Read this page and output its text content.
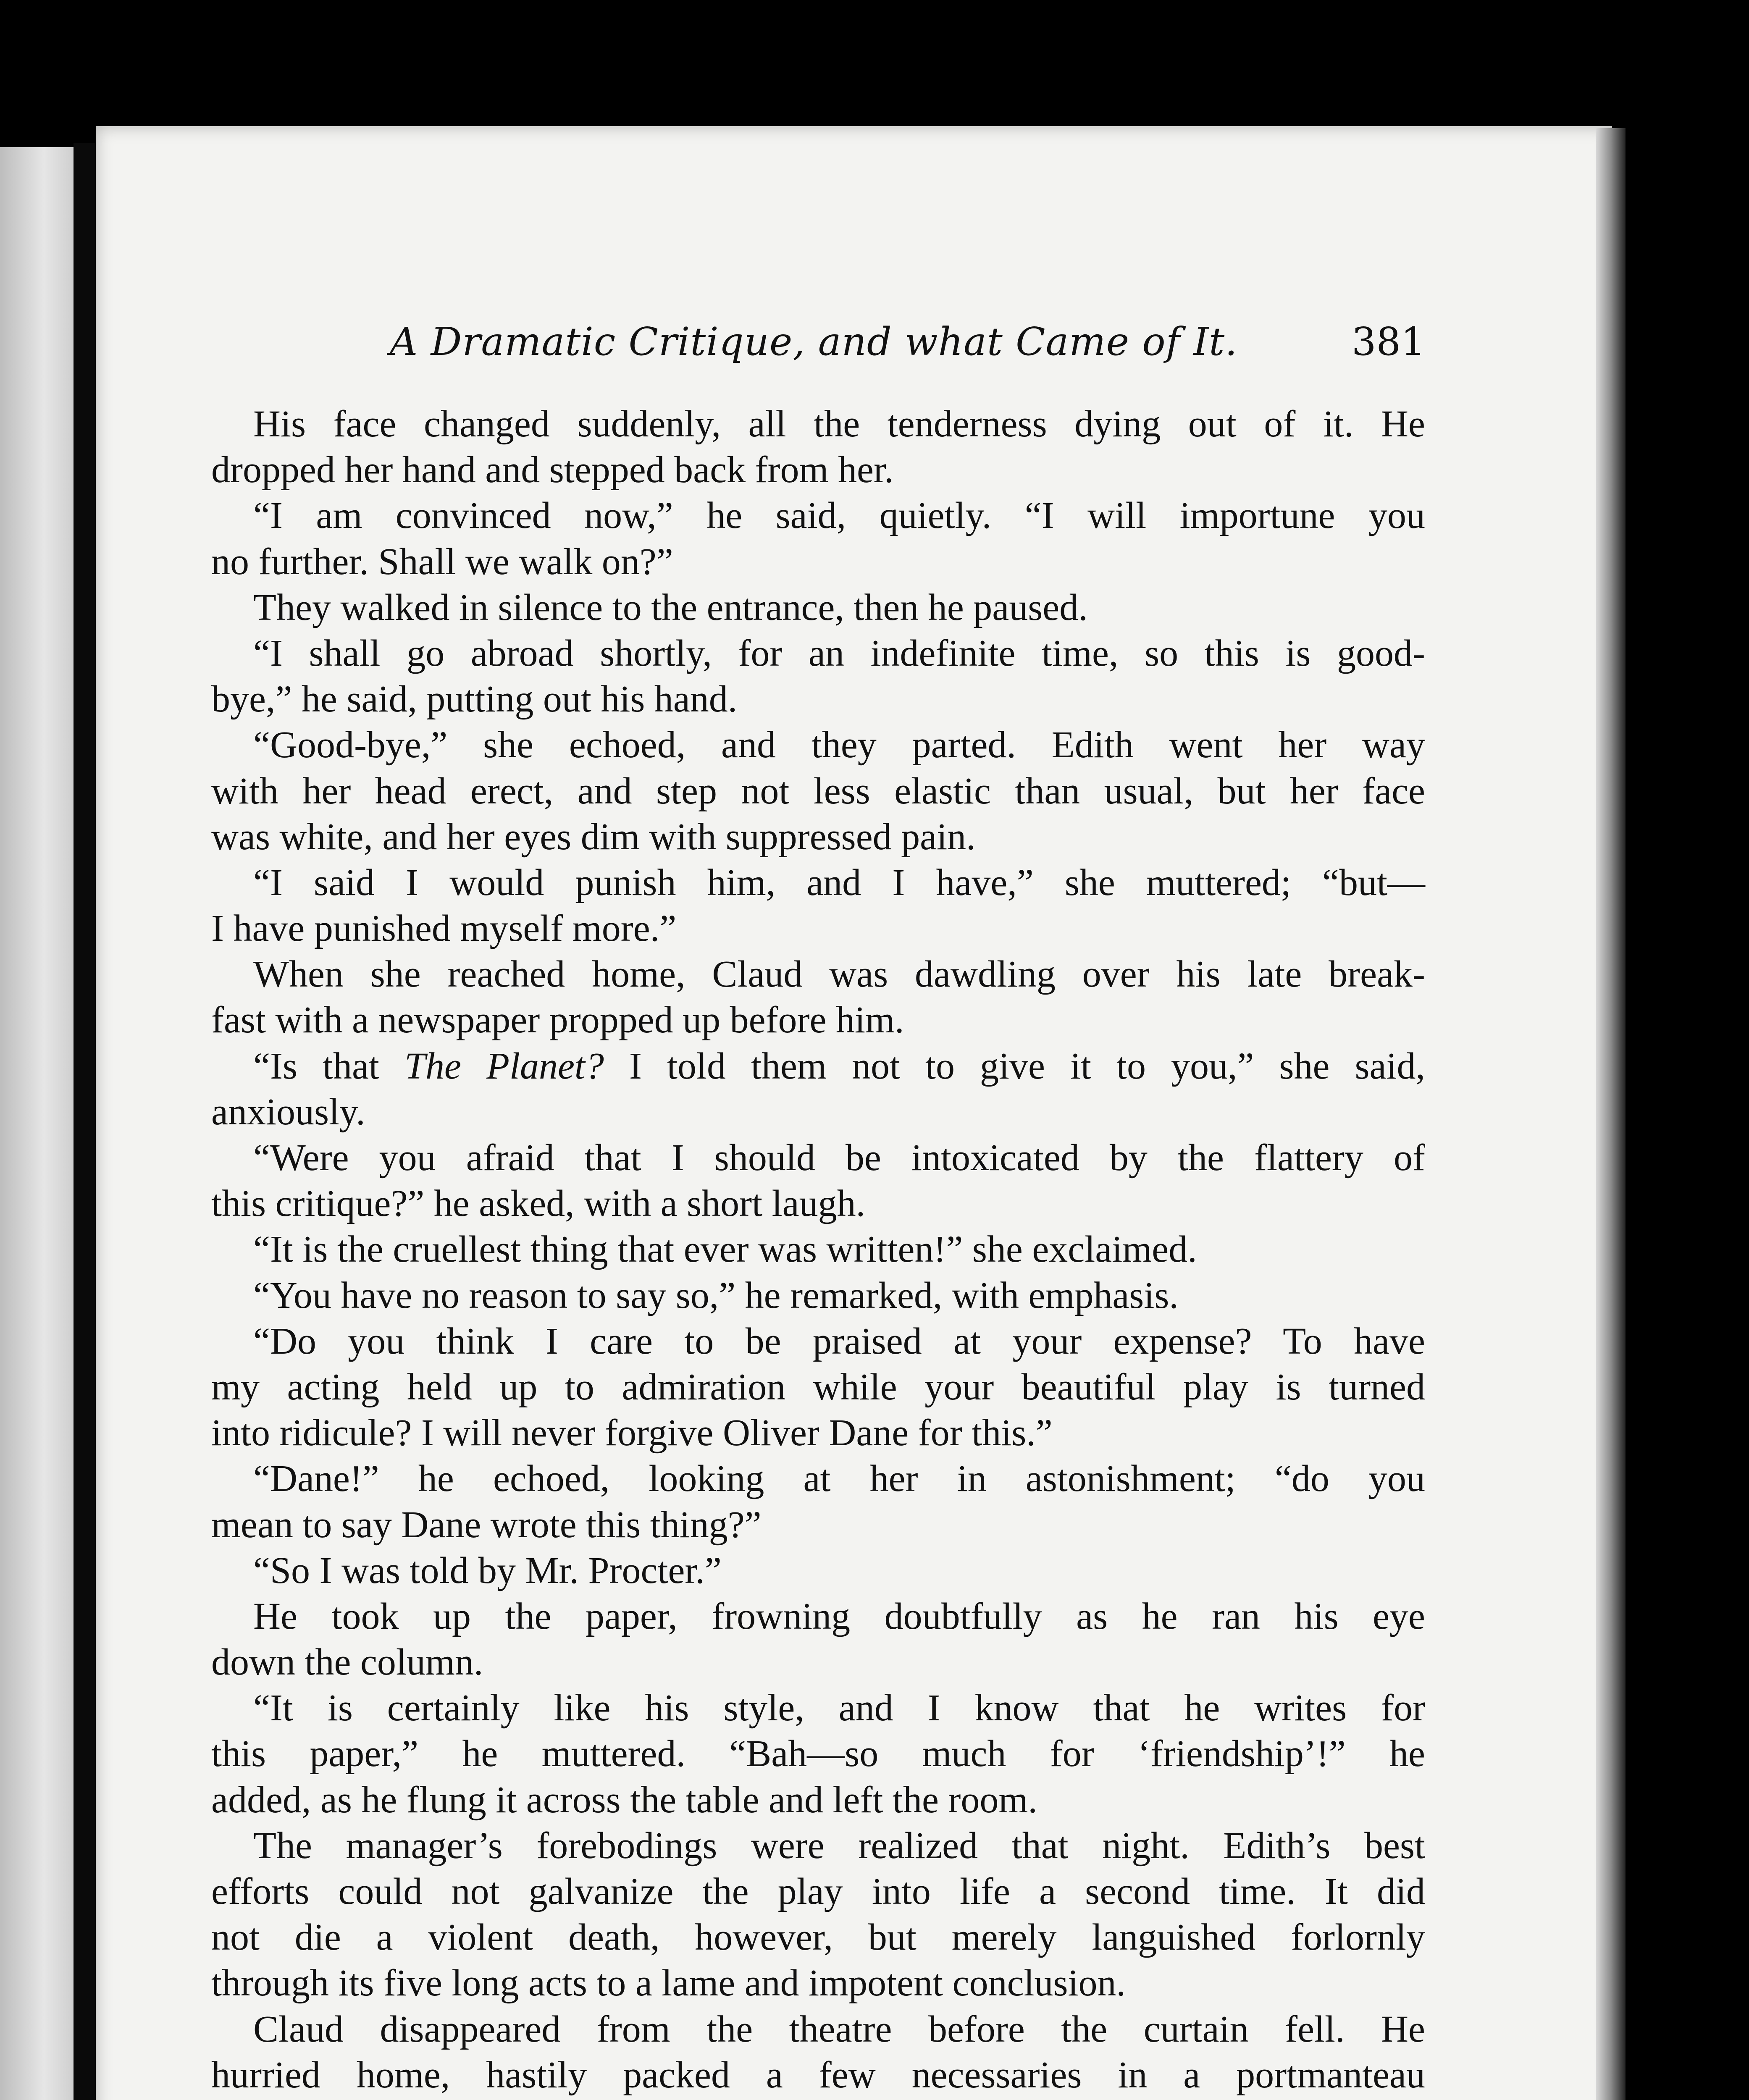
A Dramatic Critique, and what Came of It.	381
His face changed suddenly, all the tenderness dying out of it. He
dropped her hand and stepped back from her.
“I am convinced now,” he said, quietly. “I will importune you
no further. Shall we walk on?”
They walked in silence to the entrance, then he paused.
“I shall go abroad shortly, for an indefinite time, so this is good-
bye,” he said, putting out his hand.
“Good-bye,” she echoed, and they parted. Edith went her way
with her head erect, and step not less elastic than usual, but her face
was white, and her eyes dim with suppressed pain.
“I said I would punish him, and I have,” she muttered; “but—
I have punished myself more.”
When she reached home, Claud was dawdling over his late break-
fast with a newspaper propped up before him.
“Is that The Planet? I told them not to give it to you,” she said,
anxiously.
“Were you afraid that I should be intoxicated by the flattery of
this critique?” he asked, with a short laugh.
“It is the cruellest thing that ever was written!” she exclaimed.
“You have no reason to say so,” he remarked, with emphasis.
“Do you think I care to be praised at your expense? To have
my acting held up to admiration while your beautiful play is turned
into ridicule? I will never forgive Oliver Dane for this.”
“Dane!” he echoed, looking at her in astonishment; “do you
mean to say Dane wrote this thing?”
“So I was told by Mr. Procter.”
He took up the paper, frowning doubtfully as he ran his eye
down the column.
“It is certainly like his style, and I know that he writes for
this paper,” he muttered. “Bah—so much for ‘friendship’!” he
added, as he flung it across the table and left the room.
The manager’s forebodings were realized that night. Edith’s best
efforts could not galvanize the play into life a second time. It did
not die a violent death, however, but merely languished forlornly
through its five long acts to a lame and impotent conclusion.
Claud disappeared from the theatre before the curtain fell. He
hurried home, hastily packed a few necessaries in a portmanteau
